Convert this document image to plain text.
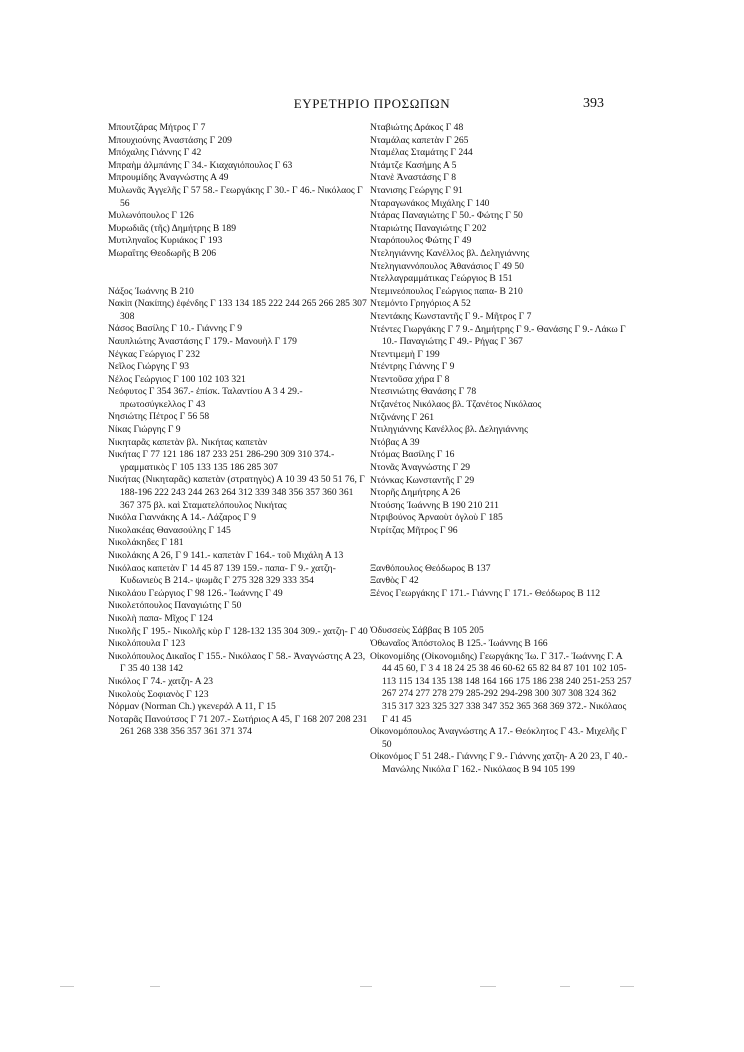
ΕΥΡΕΤΗΡΙΟ ΠΡΟΣΩΠΩΝ	393
Μπουτζάρας Μήτρος Γ 7
Μπουχιούνης Ἀναστάσης Γ 209
Μπόχαλης Γιάννης Γ 42
Μπραὴμ ἀλμπάνης Γ 34.- Κιαχαγιόπουλος Γ 63
Μπρουμίδης Ἀναγνώστης Α 49
Μυλωνᾶς Ἀγγελῆς Γ 57 58.- Γεωργάκης Γ 30.- Γ 46.- Νικόλαος Γ 56
Μυλωνόπουλος Γ 126
Μυρωδιᾶς (τῆς) Δημήτρης Β 189
Μυτιληναῖος Κυριάκος Γ 193
Μωραΐτης Θεοδωρῆς Β 206
Νάξος Ἰωάννης Β 210
Νακὶπ (Νακίπης) ἐφένδης Γ 133 134 185 222 244 265 266 285 307 308
Νάσος Βασίλης Γ 10.- Γιάννης Γ 9
Ναυπλιώτης Ἀναστάσης Γ 179.- Μανουὴλ Γ 179
Νέγκας Γεώργιος Γ 232
Νεῖλος Γιώργης Γ 93
Νέλος Γεώργιος Γ 100 102 103 321
Νεόφυτος Γ 354 367.- ἐπίσκ. Ταλαντίου Α 3 4 29.- πρωτοσύγκελλος Γ 43
Νησιώτης Πέτρος Γ 56 58
Νίκας Γιώργης Γ 9
Νικηταρᾶς καπετὰν βλ. Νικήτας καπετὰν
Νικήτας Γ 77 121 186 187 233 251 286-290 309 310 374.- γραμματικὸς Γ 105 133 135 186 285 307
Νικήτας (Νικηταρᾶς) καπετὰν (στρατηγὸς) Α 10 39 43 50 51 76, Γ 188-196 222 243 244 263 264 312 339 348 356 357 360 361 367 375 βλ. καὶ Σταματελόπουλος Νικήτας
Νικόλα Γιαννάκης Α 14.- Λάζαρος Γ 9
Νικολακέας Θανασούλης Γ 145
Νικολάκηδες Γ 181
Νικολάκης Α 26, Γ 9 141.- καπετὰν Γ 164.- τοῦ Μιχάλη Α 13
Νικόλαος καπετὰν Γ 14 45 87 139 159.- παπα- Γ 9.- χατζη- Κυδωνιεὺς Β 214.- ψωμᾶς Γ 275 328 329 333 354
Νικολάου Γεώργιος Γ 98 126.- Ἰωάννης Γ 49
Νικολετόπουλος Παναγιώτης Γ 50
Νικολὴ παπα- Μῖχος Γ 124
Νικολῆς Γ 195.- Νικολῆς κὺρ Γ 128-132 135 304 309.- χατζη- Γ 40
Νικολόπουλα Γ 123
Νικολόπουλος Δικαῖος Γ 155.- Νικόλαος Γ 58.- Ἀναγνώστης Α 23, Γ 35 40 138 142
Νικόλος Γ 74.- χατζη- Α 23
Νικολοὺς Σοφιανὸς Γ 123
Νόρμαν (Norman Ch.) γκενεράλ Α 11, Γ 15
Νοταρᾶς Πανούτσος Γ 71 207.- Σωτήριος Α 45, Γ 168 207 208 231 261 268 338 356 357 361 371 374
Νταβιώτης Δράκος Γ 48
Νταμάλας καπετὰν Γ 265
Νταμέλας Σταμάτης Γ 244
Ντάμτζε Κασήμης Α 5
Ντανὲ Ἀναστάσης Γ 8
Ντανισης Γεώργης Γ 91
Νταραγωνάκος Μιχάλης Γ 140
Ντάρας Παναγιώτης Γ 50.- Φώτης Γ 50
Νταριώτης Παναγιώτης Γ 202
Νταρόπουλος Φώτης Γ 49
Ντεληγιάννης Κανέλλος βλ. Δεληγιάννης
Ντεληγιαννόπουλος Ἀθανάσιος Γ 49 50
Ντελλαγραμμάτικας Γεώργιος Β 151
Ντεμινεόπουλος Γεώργιος παπα- Β 210
Ντεμόντο Γρηγόριος Α 52
Ντεντάκης Κωνσταντῆς Γ 9.- Μῆτρος Γ 7
Ντέντες Γιωργάκης Γ 7 9.- Δημήτρης Γ 9.- Θανάσης Γ 9.- Λάκω Γ 10.- Παναγιώτης Γ 49.- Ρήγας Γ 367
Ντεντιμεμὴ Γ 199
Ντέντρης Γιάννης Γ 9
Ντεντοῦσα χήρα Γ 8
Ντεσινιώτης Θανάσης Γ 78
Ντζανέτος Νικόλαος βλ. Τζανέτος Νικόλαος
Ντζινάνης Γ 261
Ντιληγιάννης Κανέλλος βλ. Δεληγιάννης
Ντόβας Α 39
Ντόμας Βασίλης Γ 16
Ντονᾶς Ἀναγνώστης Γ 29
Ντόνκας Κωνσταντῆς Γ 29
Ντορῆς Δημήτρης Α 26
Ντούσης Ἰωάννης Β 190 210 211
Ντριβούνος Ἀρναοὺτ ὀγλοὺ Γ 185
Ντρίτζας Μῆτρος Γ 96
Ξανθόπουλος Θεόδωρος Β 137
Ξανθὸς Γ 42
Ξένος Γεωργάκης Γ 171.- Γιάννης Γ 171.- Θεόδωρος Β 112
Ὀδυσσεὺς Σάββας Β 105 205
Ὀθωναῖος Ἀπόστολος Β 125.- Ἰωάννης Β 166
Οἰκονομίδης (Οἰκονομιδης) Γεωργάκης Ἰω. Γ 317.- Ἰωάννης Γ. Α 44 45 60, Γ 3 4 18 24 25 38 46 60-62 65 82 84 87 101 102 105-113 115 134 135 138 148 164 166 175 186 238 240 251-253 257 267 274 277 278 279 285-292 294-298 300 307 308 324 362 315 317 323 325 327 338 347 352 365 368 369 372.- Νικόλαος Γ 41 45
Οἰκονομόπουλος Ἀναγνώστης Α 17.- Θεόκλητος Γ 43.- Μιχελῆς Γ 50
Οἰκονόμος Γ 51 248.- Γιάννης Γ 9.- Γιάννης χατζη- Α 20 23, Γ 40.- Μανώλης Νικόλα Γ 162.- Νικόλαος Β 94 105 199
